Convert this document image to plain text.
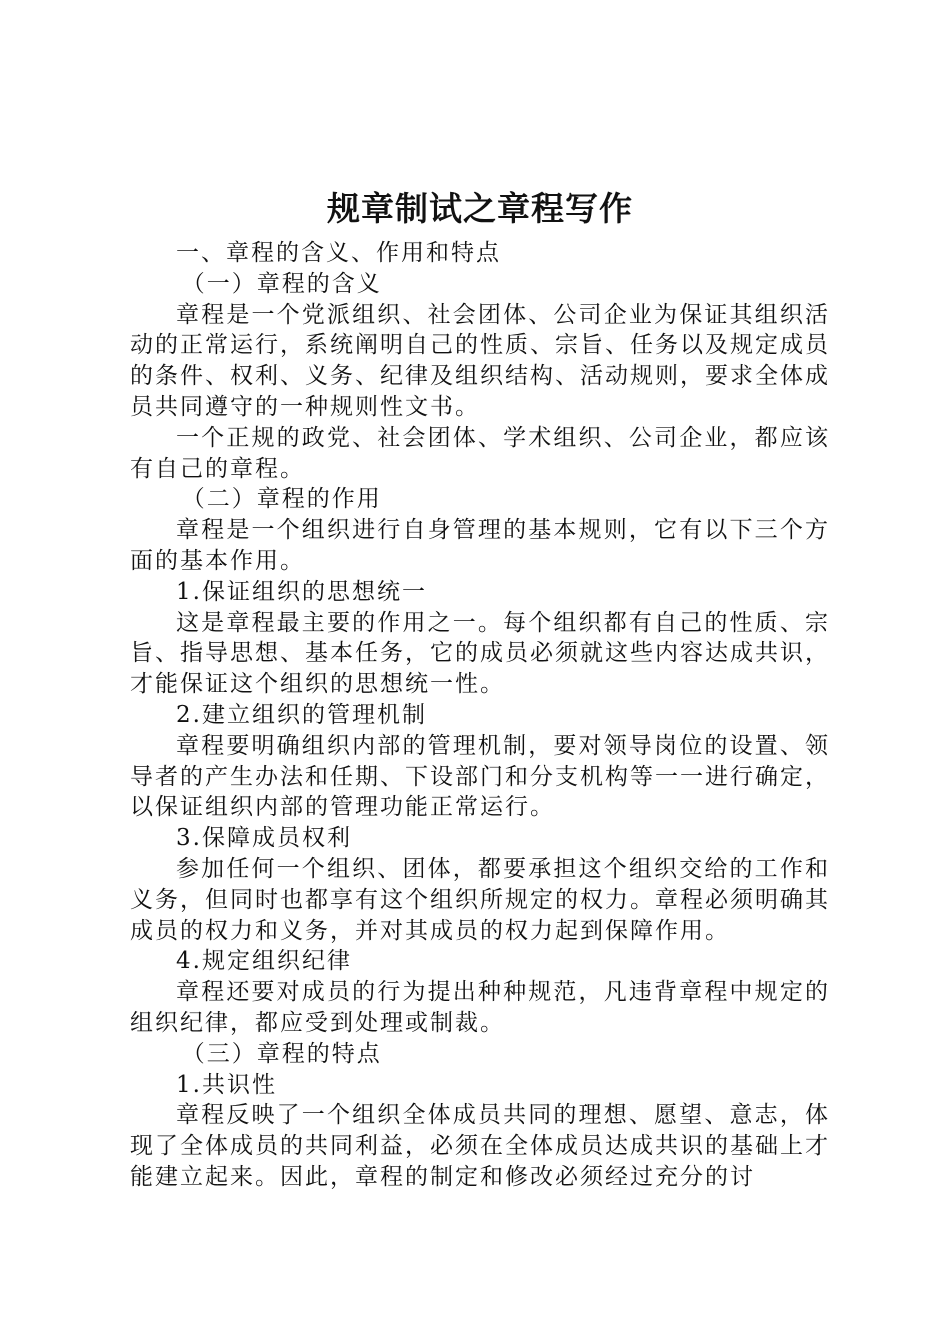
规章制试之章程写作
一、章程的含义、作用和特点
（一）章程的含义
章程是一个党派组织、社会团体、公司企业为保证其组织活动的正常运行，系统阐明自己的性质、宗旨、任务以及规定成员的条件、权利、义务、纪律及组织结构、活动规则，要求全体成员共同遵守的一种规则性文书。
一个正规的政党、社会团体、学术组织、公司企业，都应该有自己的章程。
（二）章程的作用
章程是一个组织进行自身管理的基本规则，它有以下三个方面的基本作用。
1.保证组织的思想统一
这是章程最主要的作用之一。每个组织都有自己的性质、宗旨、指导思想、基本任务，它的成员必须就这些内容达成共识，才能保证这个组织的思想统一性。
2.建立组织的管理机制
章程要明确组织内部的管理机制，要对领导岗位的设置、领导者的产生办法和任期、下设部门和分支机构等一一进行确定，以保证组织内部的管理功能正常运行。
3.保障成员权利
参加任何一个组织、团体，都要承担这个组织交给的工作和义务，但同时也都享有这个组织所规定的权力。章程必须明确其成员的权力和义务，并对其成员的权力起到保障作用。
4.规定组织纪律
章程还要对成员的行为提出种种规范，凡违背章程中规定的组织纪律，都应受到处理或制裁。
（三）章程的特点
1.共识性
章程反映了一个组织全体成员共同的理想、愿望、意志，体现了全体成员的共同利益，必须在全体成员达成共识的基础上才能建立起来。因此，章程的制定和修改必须经过充分的讨
